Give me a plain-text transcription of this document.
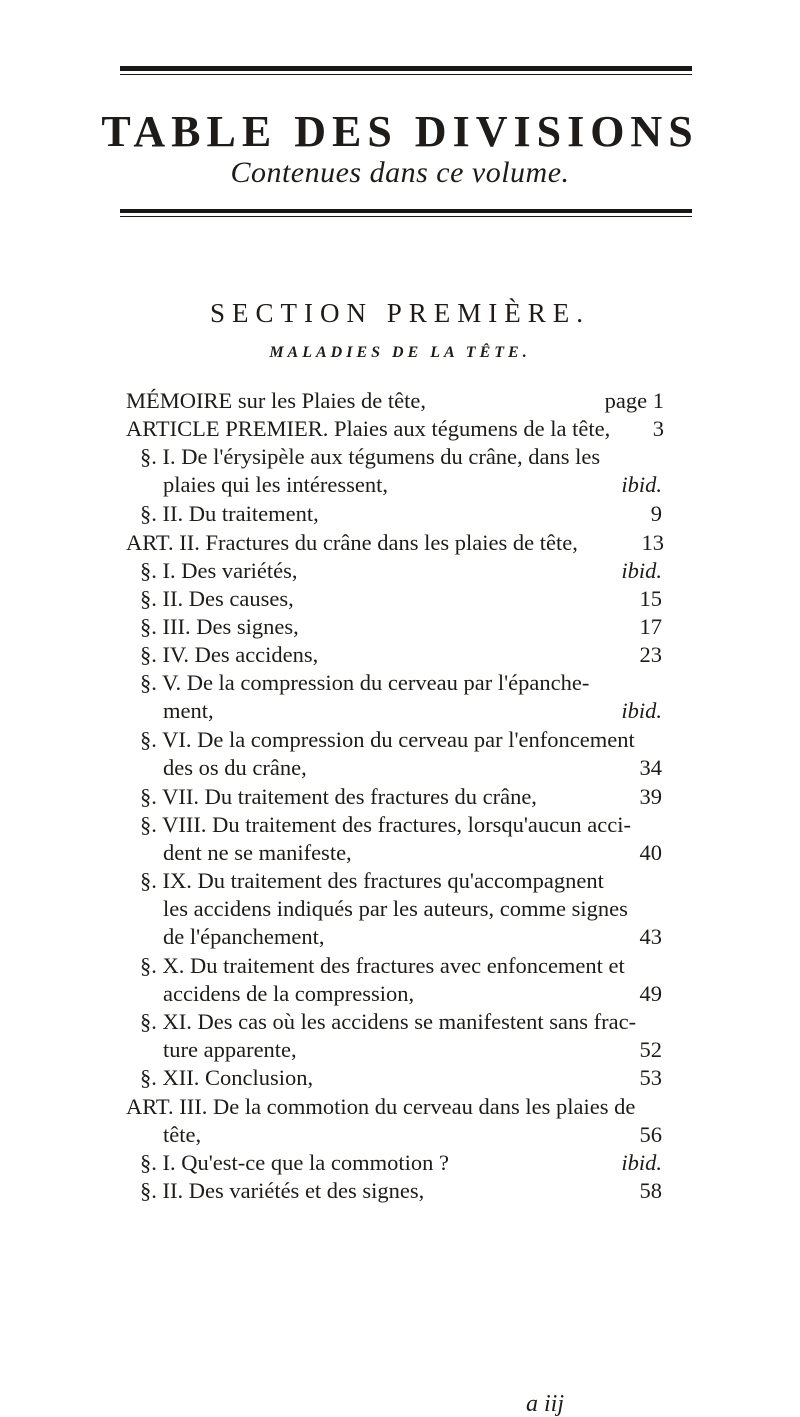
TABLE DES DIVISIONS
Contenues dans ce volume.
SECTION PREMIÈRE.
MALADIES DE LA TÊTE.
MÉMOIRE sur les Plaies de tête,	page 1
ARTICLE PREMIER. Plaies aux tégumens de la tête, 3
§. I. De l'érysipèle aux tégumens du crâne, dans les
plaies qui les intéressent,	ibid.
§. II. Du traitement,	9
ART. II. Fractures du crâne dans les plaies de tête,	13
§. I. Des variétés,	ibid.
§. II. Des causes,	15
§. III. Des signes,	17
§. IV. Des accidens,	23
§. V. De la compression du cerveau par l'épanche-
ment,	ibid.
§. VI. De la compression du cerveau par l'enfoncement
des os du crâne,	34
§. VII. Du traitement des fractures du crâne,	39
§. VIII. Du traitement des fractures, lorsqu'aucun acci-
dent ne se manifeste,	40
§. IX. Du traitement des fractures qu'accompagnent
les accidens indiqués par les auteurs, comme signes
de l'épanchement,	43
§. X. Du traitement des fractures avec enfoncement et
accidens de la compression,	49
§. XI. Des cas où les accidens se manifestent sans frac-
ture apparente,	52
§. XII. Conclusion,	53
ART. III. De la commotion du cerveau dans les plaies de
tête,	56
§. I. Qu'est-ce que la commotion ?	ibid.
§. II. Des variétés et des signes,	58
a iij
